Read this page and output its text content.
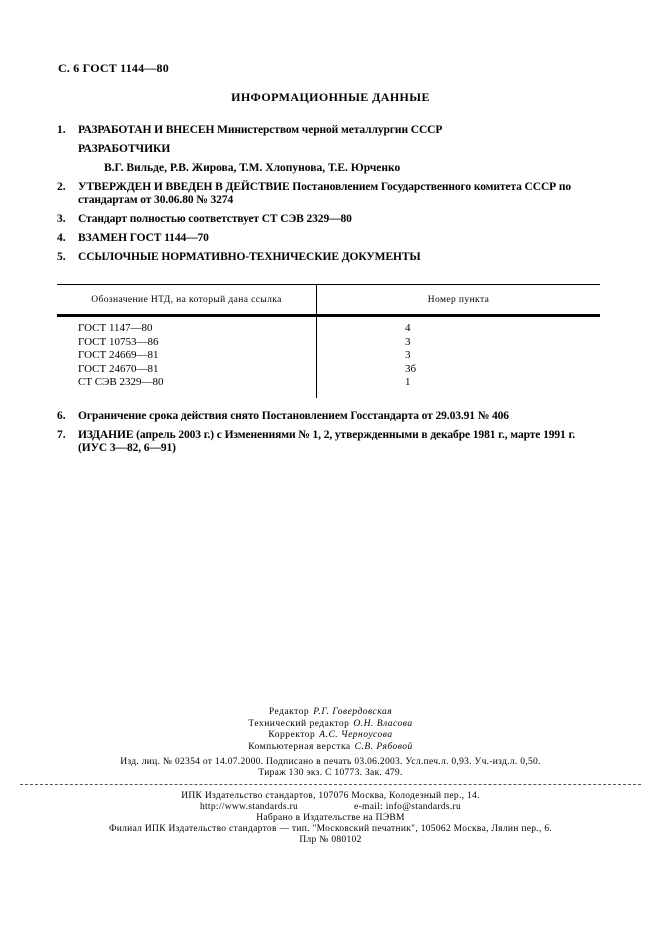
С. 6 ГОСТ 1144—80
ИНФОРМАЦИОННЫЕ ДАННЫЕ
1.	РАЗРАБОТАН И ВНЕСЕН Министерством черной металлургии СССР
РАЗРАБОТЧИКИ
В.Г. Вильде, Р.В. Жирова, Т.М. Хлопунова, Т.Е. Юрченко
2.	УТВЕРЖДЕН И ВВЕДЕН В ДЕЙСТВИЕ Постановлением Государственного комитета СССР по стандартам от 30.06.80 № 3274
3.	Стандарт полностью соответствует СТ СЭВ 2329—80
4.	ВЗАМЕН ГОСТ 1144—70
5.	ССЫЛОЧНЫЕ НОРМАТИВНО-ТЕХНИЧЕСКИЕ ДОКУМЕНТЫ
Обозначение НТД, на который дана ссылка	Номер пункта
ГОСТ 1147—80	4
ГОСТ 10753—86	3
ГОСТ 24669—81	3
ГОСТ 24670—81	3б
СТ СЭВ 2329—80	1
6.	Ограничение срока действия снято Постановлением Госстандарта от 29.03.91 № 406
7.	ИЗДАНИЕ (апрель 2003 г.) с Изменениями № 1, 2, утвержденными в декабре 1981 г., марте 1991 г. (ИУС 3—82, 6—91)
Редактор Р.Г. Говердовская
Технический редактор О.Н. Власова
Корректор А.С. Черноусова
Компьютерная верстка С.В. Рябовой
Изд. лиц. № 02354 от 14.07.2000. Подписано в печать 03.06.2003. Усл.печ.л. 0,93. Уч.-изд.л. 0,50.
Тираж 130 экз. С 10773. Зак. 479.
ИПК Издательство стандартов, 107076 Москва, Колодезный пер., 14.
http://www.standards.ru	e-mail: info@standards.ru
Набрано в Издательстве на ПЭВМ
Филиал ИПК Издательство стандартов — тип. "Московский печатник", 105062 Москва, Лялин пер., 6.
Плр № 080102
